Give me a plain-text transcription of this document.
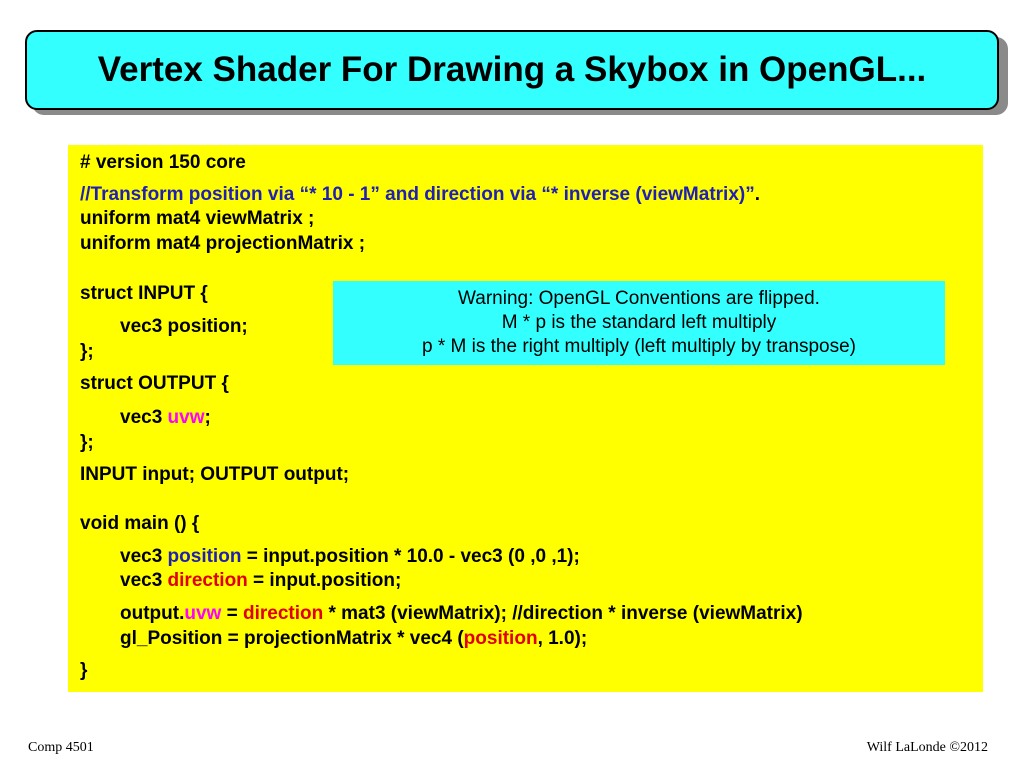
Vertex Shader For Drawing a Skybox in OpenGL...
# version 150 core
//Transform position via “* 10 - 1” and direction via “* inverse (viewMatrix)”.
uniform mat4 viewMatrix ;
uniform mat4 projectionMatrix ;
struct INPUT {
vec3 position;
};
struct OUTPUT {
vec3 uvw;
};
INPUT input; OUTPUT output;
void main () {
vec3 position = input.position * 10.0 - vec3 (0 ,0 ,1);
vec3 direction = input.position;
output.uvw = direction * mat3 (viewMatrix); //direction * inverse (viewMatrix)
gl_Position = projectionMatrix * vec4 (position, 1.0);
}
Warning: OpenGL Conventions are flipped.
M * p is the standard left multiply
p * M is the right multiply (left multiply by transpose)
Comp 4501	Wilf LaLonde ©2012
